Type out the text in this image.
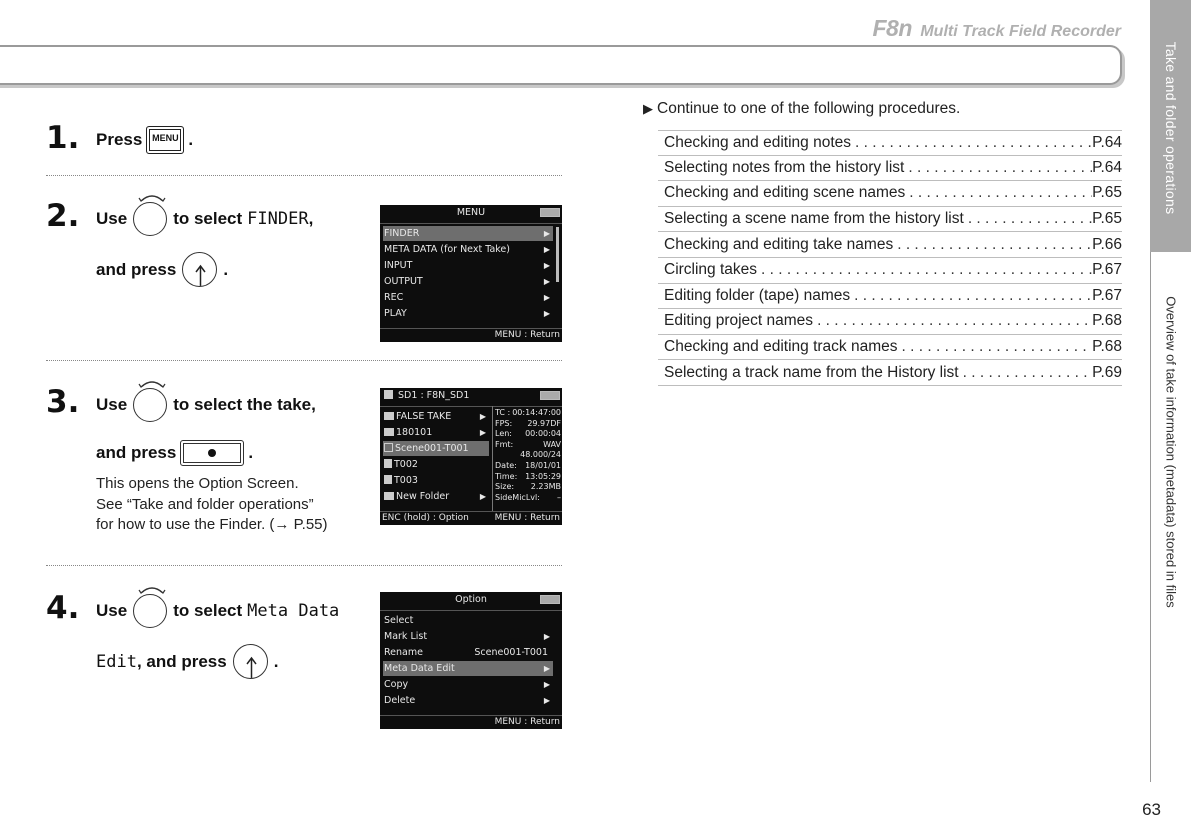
F8n Multi Track Field Recorder
Take and folder operations
Overview of take information (metadata) stored in files
63
1. Press	MENU .
2. Use	to select FINDER ,
and press	.
MENU
FINDER	▶
META DATA (for Next Take)	▶
INPUT	▶
OUTPUT	▶
REC	▶
PLAY	▶
MENU : Return
3. Use	to select the take,
and press	.
This opens the Option Screen.
See “Take and folder operations”
for how to use the Finder. (→ P.55)
SD1 : F8N_SD1
FALSE TAKE	▶
180101	▶
Scene001-T001
T002
T003
New Folder	▶
TC : 00:14:47:00
FPS: 29.97DF
Len: 00:00:04
Fmt:	WAV
48.000/24
Date: 18/01/01
Time: 13:05:29
Size: 2.23MB
SideMicLvl: –
ENC (hold) : Option	MENU : Return
4. Use	to select Meta Data
Edit , and press	.
Option
Select
Mark List	▶
Rename	Scene001-T001
Meta Data Edit	▶
Copy	▶
Delete	▶
MENU : Return
▶ Continue to one of the following procedures.
Checking and editing notes . . .	P.64
Selecting notes from the history list . . .	P.64
Checking and editing scene names . . .	P.65
Selecting a scene name from the history list . . .	P.65
Checking and editing take names . . .	P.66
Circling takes . . .	P.67
Editing folder (tape) names . . .	P.67
Editing project names . . .	P.68
Checking and editing track names . . .	P.68
Selecting a track name from the History list . . .	P.69
